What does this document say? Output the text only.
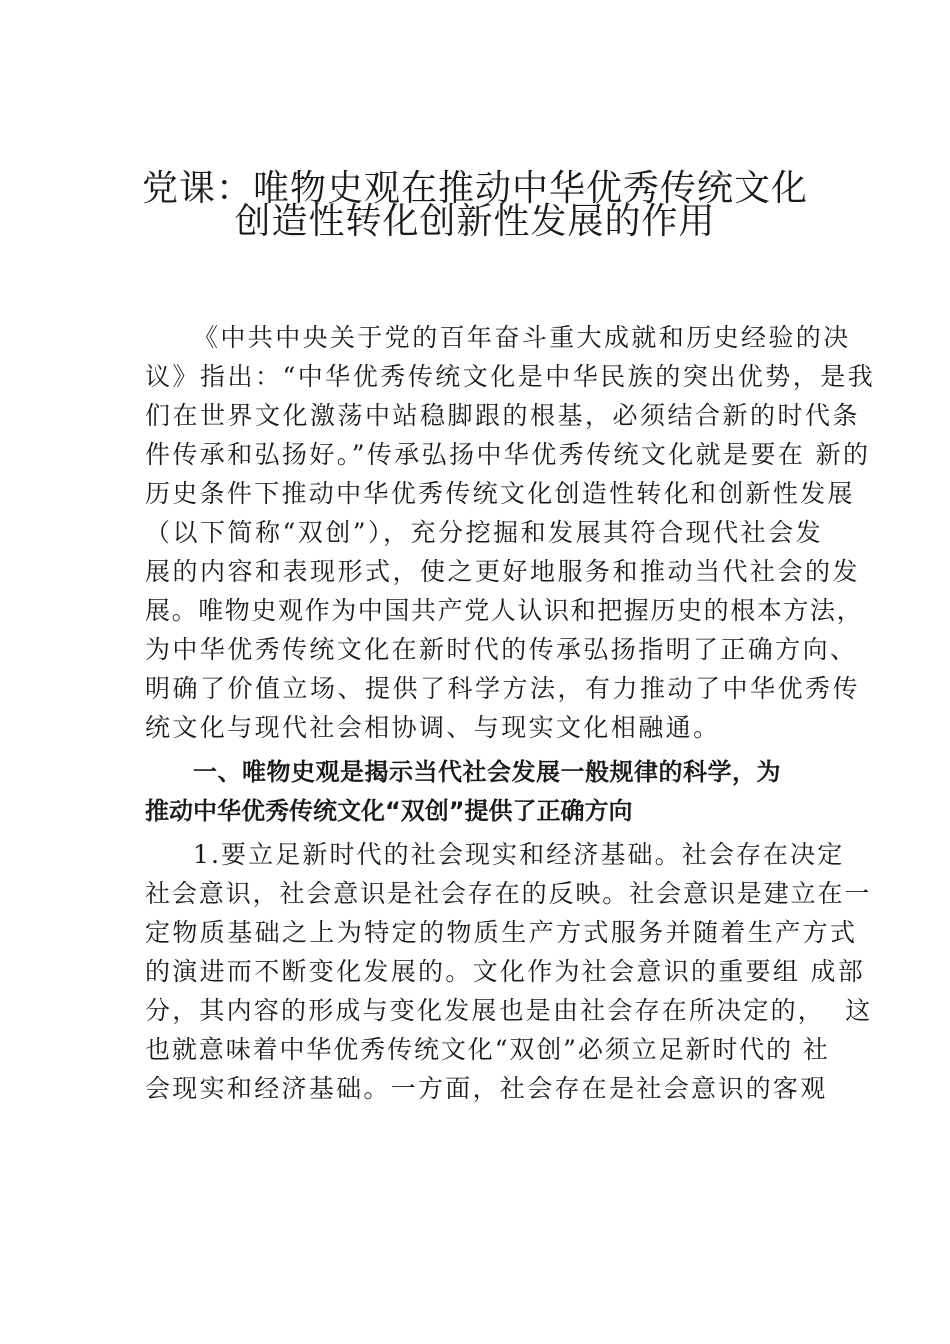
党课：唯物史观在推动中华优秀传统文化
创造性转化创新性发展的作用
《中共中央关于党的百年奋斗重大成就和历史经验的决
议》指出：“中华优秀传统文化是中华民族的突出优势，是我
们在世界文化激荡中站稳脚跟的根基，必须结合新的时代条
件传承和弘扬好。”传承弘扬中华优秀传统文化就是要在 新的
历史条件下推动中华优秀传统文化创造性转化和创新性发展
（以下简称“双创”），充分挖掘和发展其符合现代社会发
展的内容和表现形式，使之更好地服务和推动当代社会的发
展。唯物史观作为中国共产党人认识和把握历史的根本方法，
为中华优秀传统文化在新时代的传承弘扬指明了正确方向、
明确了价值立场、提供了科学方法，有力推动了中华优秀传
统文化与现代社会相协调、与现实文化相融通。
一、唯物史观是揭示当代社会发展一般规律的科学，为
推动中华优秀传统文化“双创”提供了正确方向
1.要立足新时代的社会现实和经济基础。社会存在决定
社会意识，社会意识是社会存在的反映。社会意识是建立在一
定物质基础之上为特定的物质生产方式服务并随着生产方式
的演进而不断变化发展的。文化作为社会意识的重要组 成部
分，其内容的形成与变化发展也是由社会存在所决定的，  这
也就意味着中华优秀传统文化“双创”必须立足新时代的 社
会现实和经济基础。一方面，社会存在是社会意识的客观
